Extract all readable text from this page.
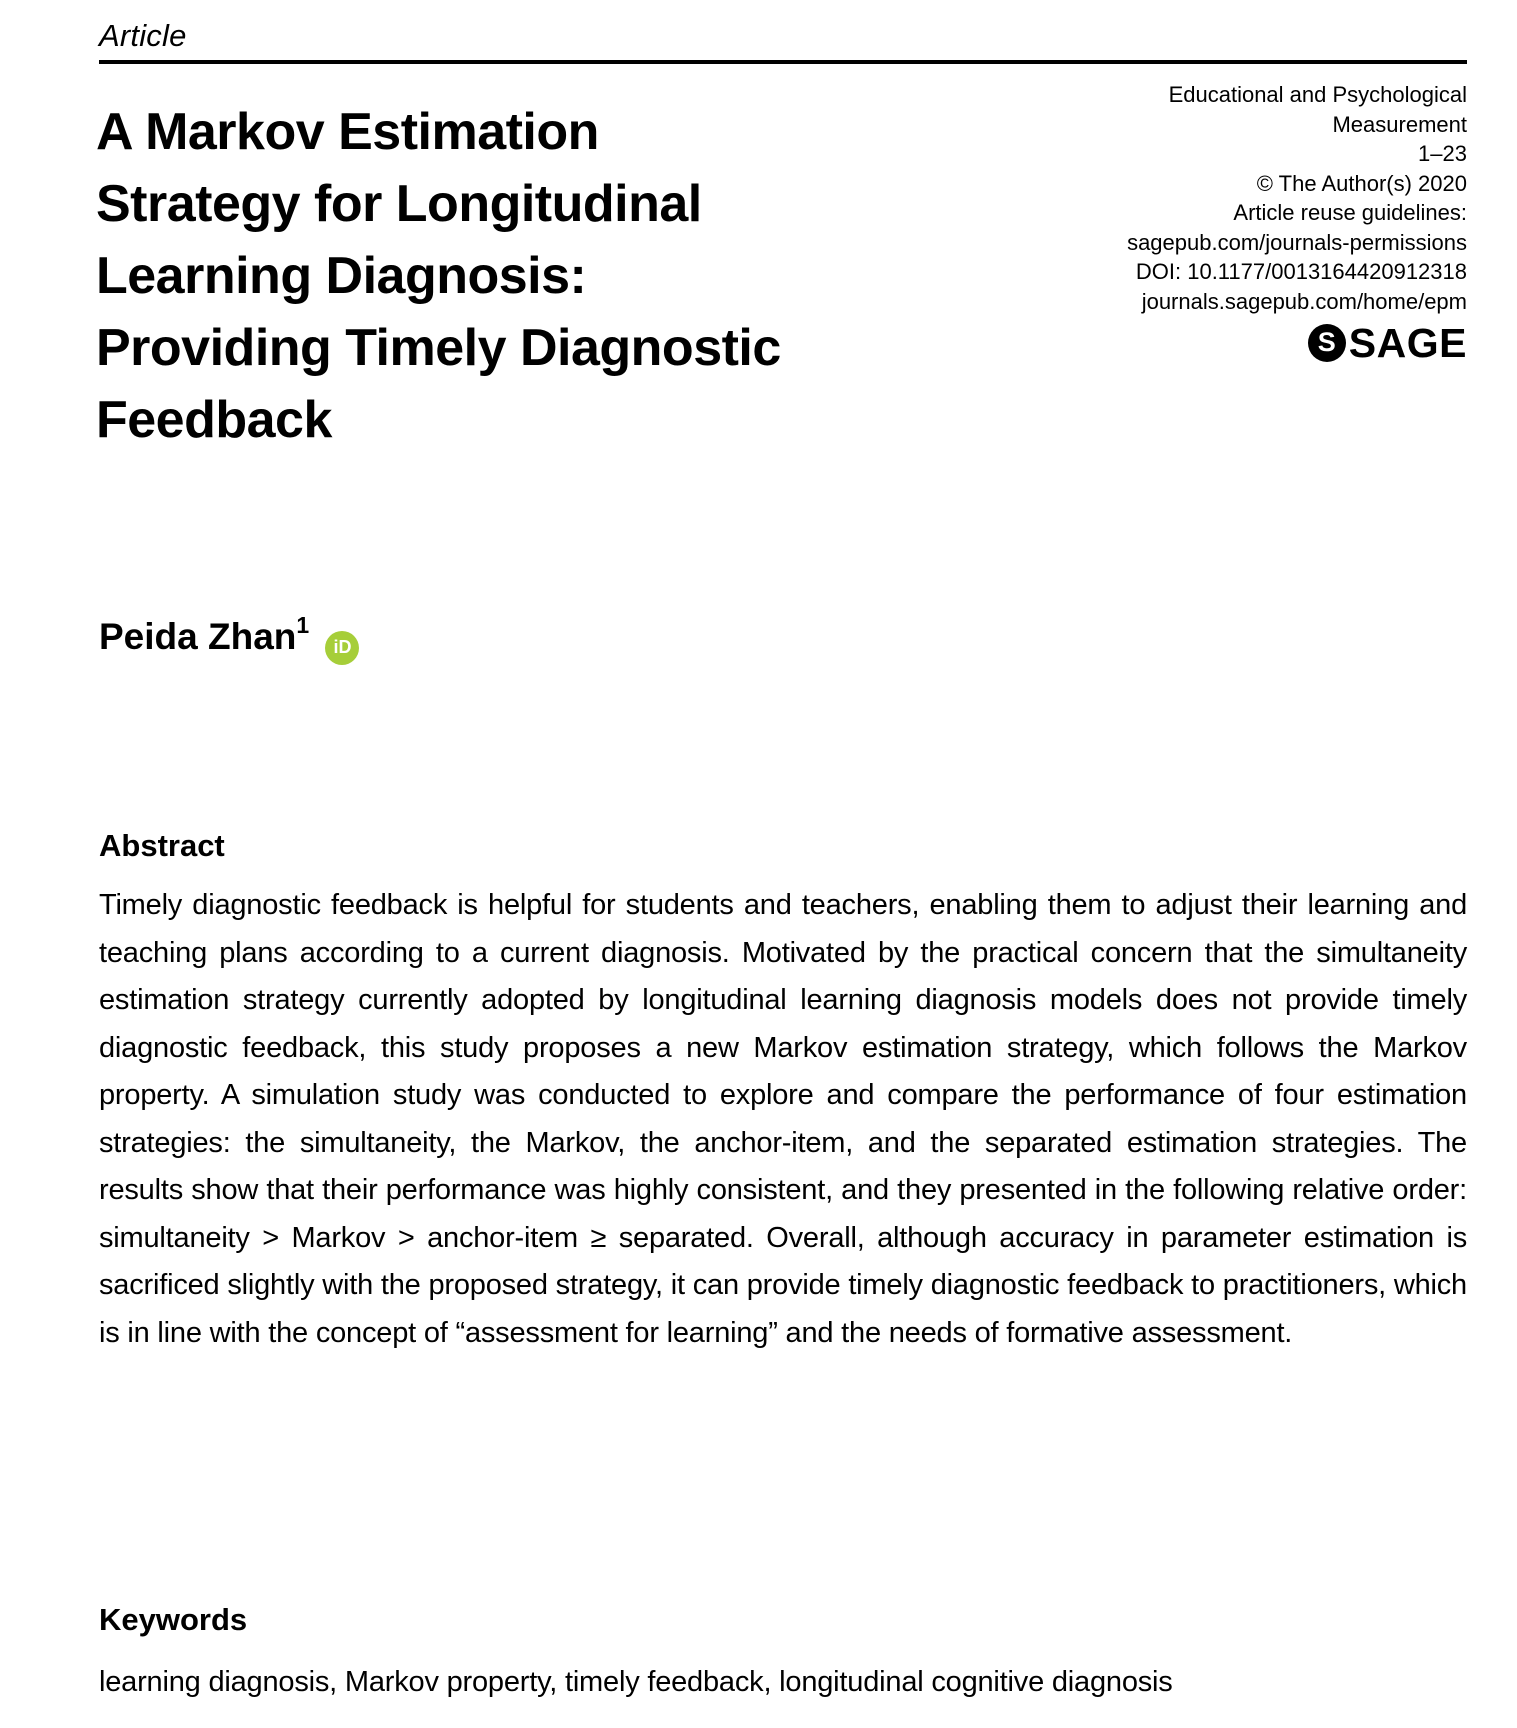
Article
A Markov Estimation
Strategy for Longitudinal
Learning Diagnosis:
Providing Timely Diagnostic
Feedback
Educational and Psychological
Measurement
1–23
© The Author(s) 2020
Article reuse guidelines:
sagepub.com/journals-permissions
DOI: 10.1177/0013164420912318
journals.sagepub.com/home/epm
S SAGE
Peida Zhan$^1$
iD
Abstract

Timely diagnostic feedback is helpful for students and teachers, enabling them to adjust their learning and teaching plans according to a current diagnosis. Motivated by the practical concern that the simultaneity estimation strategy currently adopted by longitudinal learning diagnosis models does not provide timely diagnostic feedback, this study proposes a new Markov estimation strategy, which follows the Markov property. A simulation study was conducted to explore and compare the performance of four estimation strategies: the simultaneity, the Markov, the anchor-item, and the separated estimation strategies. The results show that their performance was highly consistent, and they presented in the following relative order: simultaneity > Markov > anchor-item ≥ separated. Overall, although accuracy in parameter estimation is sacrificed slightly with the proposed strategy, it can provide timely diagnostic feedback to practitioners, which is in line with the concept of “assessment for learning” and the needs of formative assessment.

Keywords

learning diagnosis, Markov property, timely feedback, longitudinal cognitive diagnosis
